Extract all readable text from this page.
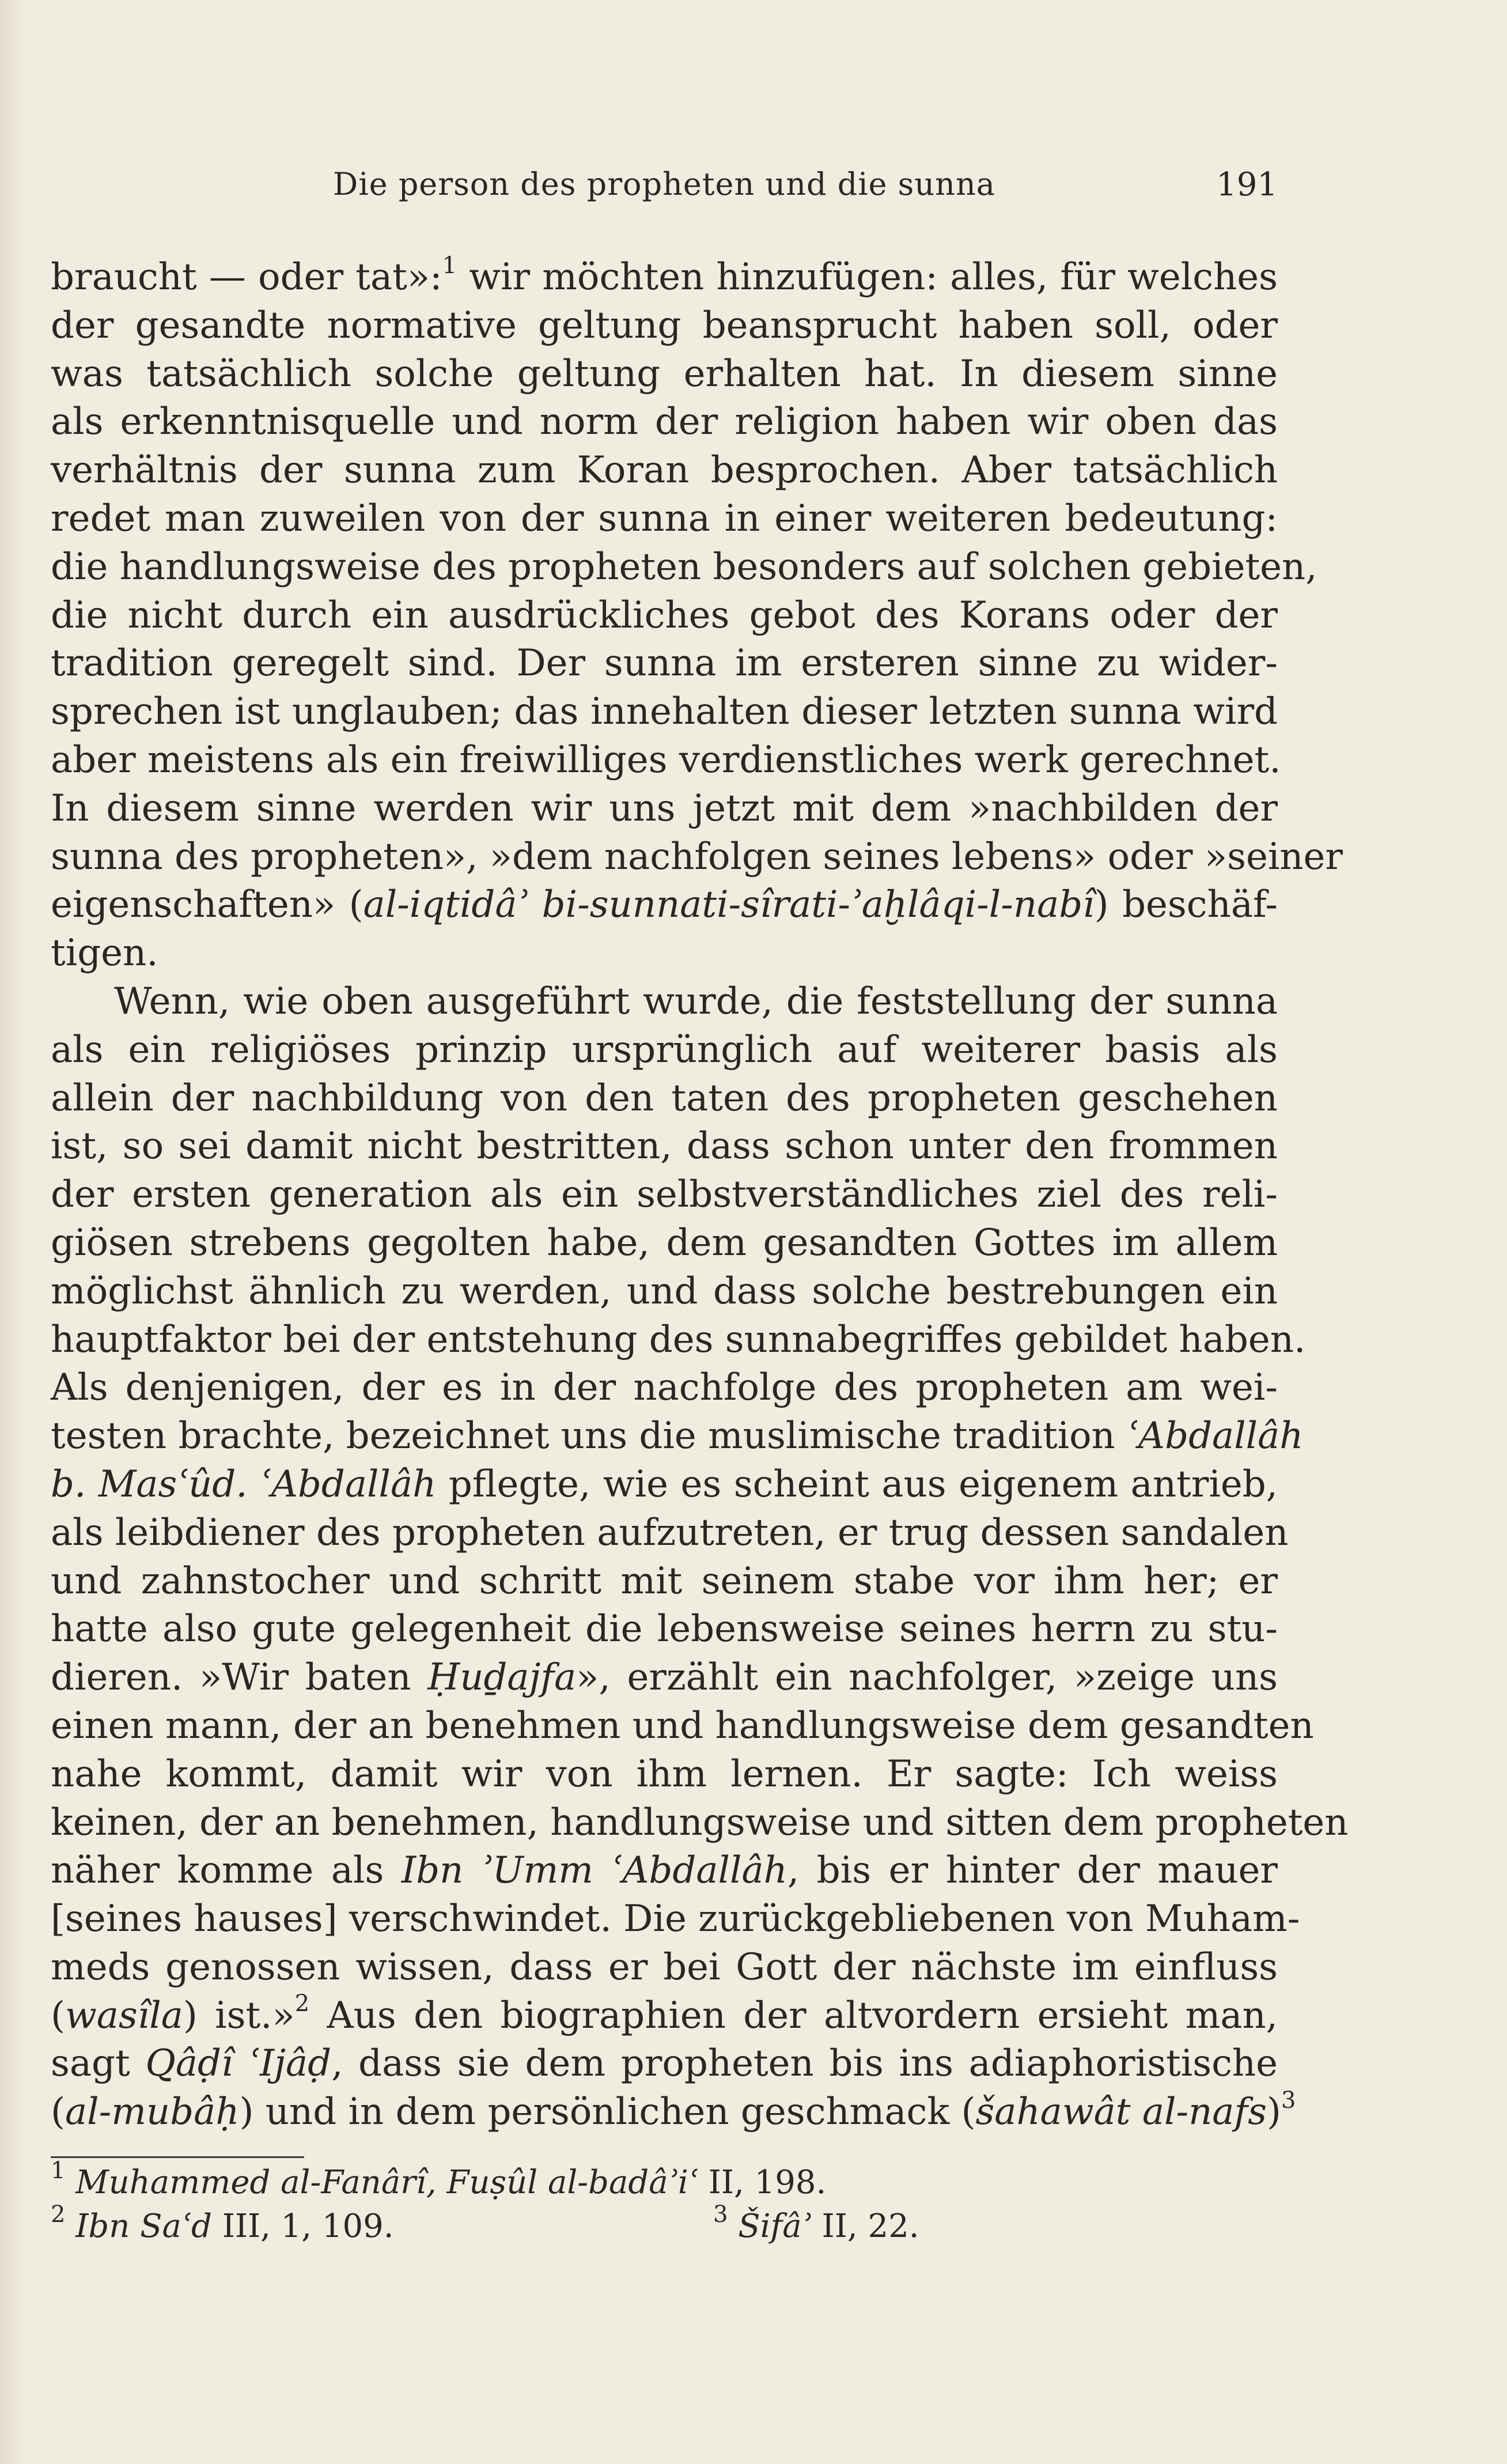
Die person des propheten und die sunna	191
braucht — oder tat»:$^1$ wir möchten hinzufügen: alles, für welches
der gesandte normative geltung beansprucht haben soll, oder
was tatsächlich solche geltung erhalten hat. In diesem sinne
als erkenntnisquelle und norm der religion haben wir oben das
verhältnis der sunna zum Koran besprochen. Aber tatsächlich
redet man zuweilen von der sunna in einer weiteren bedeutung:
die handlungsweise des propheten besonders auf solchen gebieten,
die nicht durch ein ausdrückliches gebot des Korans oder der
tradition geregelt sind. Der sunna im ersteren sinne zu wider-
sprechen ist unglauben; das innehalten dieser letzten sunna wird
aber meistens als ein freiwilliges verdienstliches werk gerechnet.
In diesem sinne werden wir uns jetzt mit dem »nachbilden der
sunna des propheten», »dem nachfolgen seines lebens» oder »seiner
eigenschaften» (al-iqtidâʾ bi-sunnati-sîrati-ʾaḫlâqi-l-nabî) beschäf-
tigen.
Wenn, wie oben ausgeführt wurde, die feststellung der sunna
als ein religiöses prinzip ursprünglich auf weiterer basis als
allein der nachbildung von den taten des propheten geschehen
ist, so sei damit nicht bestritten, dass schon unter den frommen
der ersten generation als ein selbstverständliches ziel des reli-
giösen strebens gegolten habe, dem gesandten Gottes im allem
möglichst ähnlich zu werden, und dass solche bestrebungen ein
hauptfaktor bei der entstehung des sunnabegriffes gebildet haben.
Als denjenigen, der es in der nachfolge des propheten am wei-
testen brachte, bezeichnet uns die muslimische tradition ʿAbdallâh
b. Masʿûd. ʿAbdallâh pflegte, wie es scheint aus eigenem antrieb,
als leibdiener des propheten aufzutreten, er trug dessen sandalen
und zahnstocher und schritt mit seinem stabe vor ihm her; er
hatte also gute gelegenheit die lebensweise seines herrn zu stu-
dieren. »Wir baten Ḥuḏajfa», erzählt ein nachfolger, »zeige uns
einen mann, der an benehmen und handlungsweise dem gesandten
nahe kommt, damit wir von ihm lernen. Er sagte: Ich weiss
keinen, der an benehmen, handlungsweise und sitten dem propheten
näher komme als Ibn ʾUmm ʿAbdallâh, bis er hinter der mauer
[seines hauses] verschwindet. Die zurückgebliebenen von Muham-
meds genossen wissen, dass er bei Gott der nächste im einfluss
(wasîla) ist.»$^2$ Aus den biographien der altvordern ersieht man,
sagt Qâḍî ʿIjâḍ, dass sie dem propheten bis ins adiaphoristische
(al-mubâḥ) und in dem persönlichen geschmack (šahawât al-nafs)$^3$
$^1$ Muhammed al-Fanârî, Fuṣûl al-badâʾiʿ II, 198.
$^2$ Ibn Saʿd III, 1, 109.	$^3$ Šifâʾ II, 22.
